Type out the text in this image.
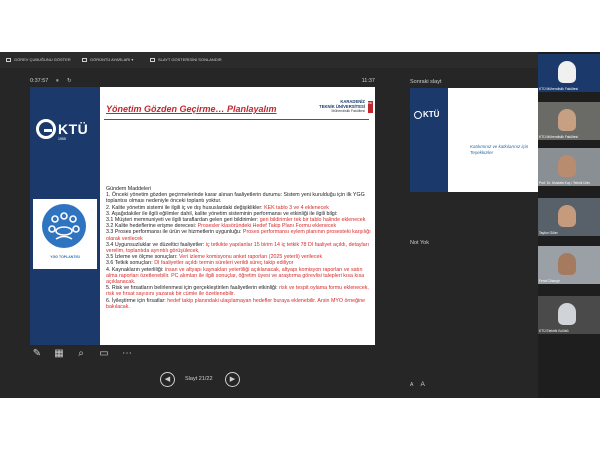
GÖREV ÇUBUĞUNU GÖSTER	GÖRÜNTÜ AYARLARI ▾	SLAYT GÖSTERİSİNİ SONLANDIR
0:37:57 ⏸ ↻	11:37
KTÜ
1955
YGG TOPLANTISI
Yönetim Gözden Geçirme… Planlayalım
KARADENİZ
TEKNİK ÜNİVERSİTESİ
Mühendislik Fakültesi
MF

Gündem Maddeleri

1. Önceki yönetim gözden geçirmelerinde karar alınan faaliyetlerin durumu: Sistem yeni kurulduğu için ilk YGG toplantısı olması nedeniyle önceki toplantı yoktur.

2. Kalite yönetim sistemi ile ilgili iç ve dış hususlardaki değişiklikler: KEK tablo 3 ve 4 eklenecek

3. Aşağıdakiler ile ilgili eğilimler dahil, kalite yönetim sisteminin performansı ve etkinliği ile ilgili bilgi:

3.1 Müşteri memnuniyeti ve ilgili taraflardan gelen geri bildirimler: geri bildirimler tek bir tablo halinde eklenecek

3.2 Kalite hedeflerine erişme derecesi: Prosesler klasöründeki Hedef Takip Planı Formu eklenecek

3.3 Proses performansı ile ürün ve hizmetlerin uygunluğu: Proses performansı eylem planının prosesteki karşılığı olarak verilecek

3.4 Uygunsuzluklar ve düzeltici faaliyetler: iç tetkikte yapılanlar 15 birim 14 iç tetkik 78 DI faaliyet açıldı, detayları verelim, toplantıda ayrıntılı görüşülecek,

3.5 İzleme ve ölçme sonuçları: Veri izleme komisyonu anket raporları (2025 yeterli) verilecek

3.6 Tetkik sonuçları: DI faaliyetler açıldı termin süreleri verildi süreç takip ediliyor

4. Kaynakların yeterliliği: insan ve altyapı kaynakları yeterliliği açıklanacak, altyapı komisyon raporları ve satın alma raporları özetlenebilir. PC alımları ile ilgili sonuçlar, öğretim üyesi ve araştırma görevlisi talepleri kısa kısa açıklanacak.

5. Risk ve fırsatların belirlenmesi için gerçekleştirilen faaliyetlerin etkinliği: risk ve tespit oylama formu eklenecek, risk ve fırsat sayısını yazarak bir cümle ile özetlenebilir.

6. İyileştirme için fırsatlar: hedef takip planındaki ulaşılamayan hedefler buraya eklenebilir. Arsin MYO örneğine bakılacak.

✎ ▦	⌕	▭ ⋯
◀	Slayt 21/22	▶
Sonraki slayt
KTÜ
Katılımınız ve katkılarınız için Teşekkürler
Not Yok
A A
KTÜ Mühendislik Fakültesi
KTÜ Mühendislik Fakültesi
Prof. Dr. Mustafa Koç / Teknik Üniv.
Tayfun Güler
Ferat Cihangir
KTÜ Elektrik Kulübü
